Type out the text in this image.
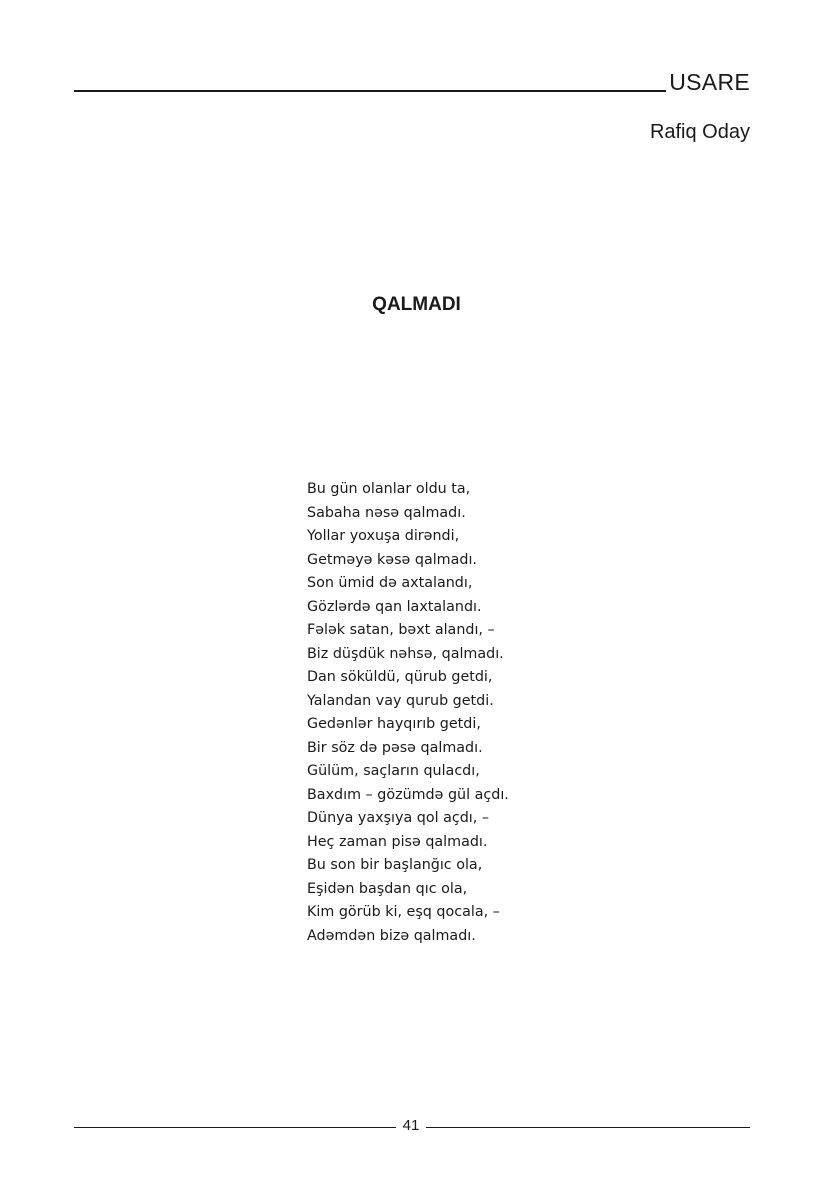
USARE
Rafiq Oday
QALMADI
Bu gün olanlar oldu ta,
Sabaha nəsə qalmadı.
Yollar yoxuşa dirəndi,
Getməyə kəsə qalmadı.
Son ümid də axtalandı,
Gözlərdə qan laxtalandı.
Fələk satan, bəxt alandı, –
Biz düşdük nəhsə, qalmadı.
Dan söküldü, qürub getdi,
Yalandan vay qurub getdi.
Gedənlər hayqırıb getdi,
Bir söz də pəsə qalmadı.
Gülüm, saçların qulacdı,
Baxdım – gözümdə gül açdı.
Dünya yaxşıya qol açdı, –
Heç zaman pisə qalmadı.
Bu son bir başlanğıc ola,
Eşidən başdan qıc ola,
Kim görüb ki, eşq qocala, –
Adəmdən bizə qalmadı.
41
